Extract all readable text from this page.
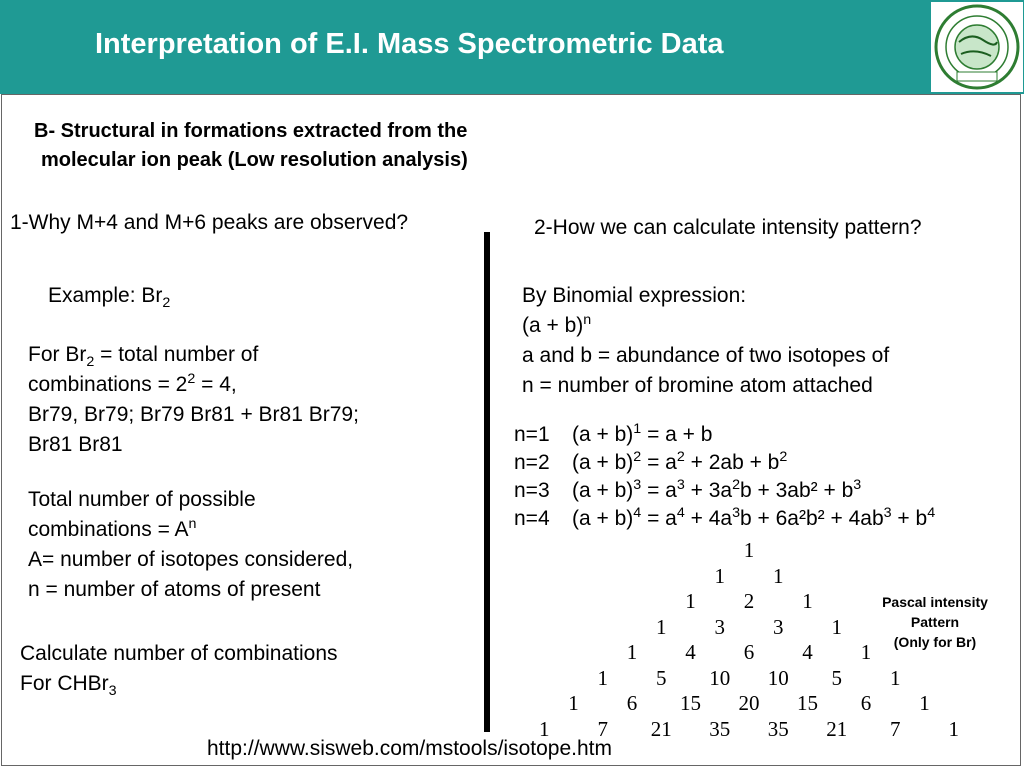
Interpretation of E.I. Mass Spectrometric Data
B- Structural in formations extracted from the
molecular ion peak (Low resolution analysis)
1-Why M+4 and M+6 peaks are observed?	2-How we can calculate intensity pattern?
Example: $Br_2$
For $Br_2$ = total number of
combinations = $2^2 = 4$,
Br79, Br79; Br79 Br81 + Br81 Br79;
Br81 Br81
Total number of possible
combinations = $A^n$
A= number of isotopes considered,
n = number of atoms of present
Calculate number of combinations
For CHBr$_3$
By Binomial expression:
$(a + b)^n$
a and b = abundance of two isotopes of
n = number of bromine atom attached
n=1 $(a + b)^1 = a + b$
n=2 $(a + b)^2 = a^2 + 2ab + b^2$
n=3 $(a + b)^3 = a^3 + 3a^2b + 3ab^2 + b^3$
n=4 $(a + b)^4 = a^4 + 4a^3b + 6a^2b^2 + 4ab^3 + b^4$
1
1	1
1	2	1
1	3	3	1
1	4	6	4	1
1	5	10	10	5	1
1	6	15	20	15	6	1
1	7	21	35	35	21	7	1
Pascal intensity
Pattern
(Only for Br)
http://www.sisweb.com/mstools/isotope.htm
